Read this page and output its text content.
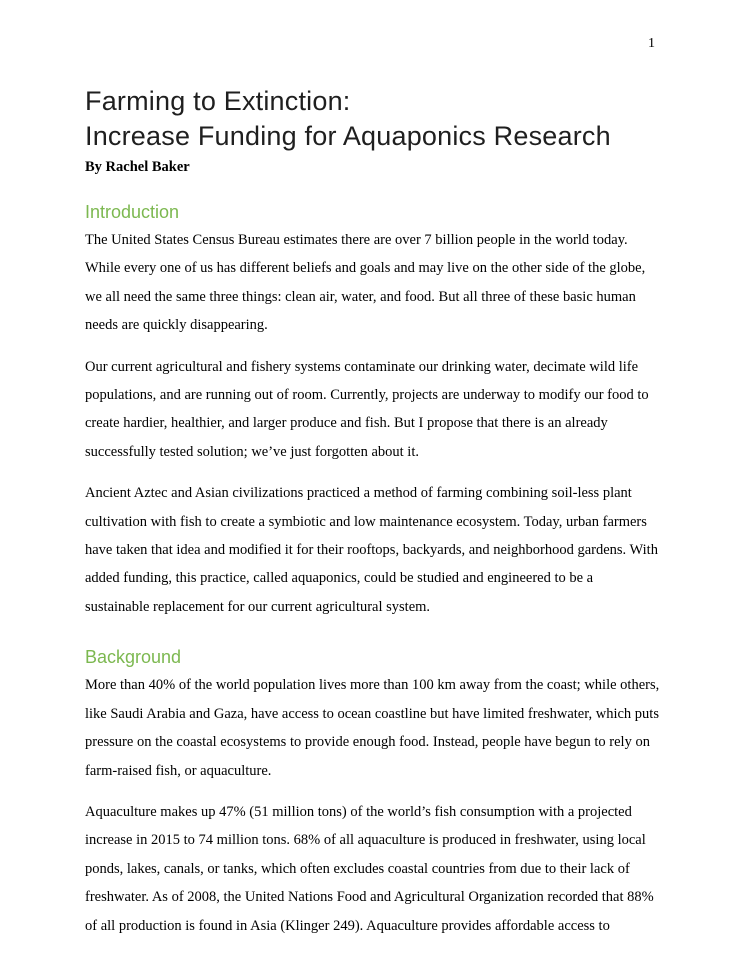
1
Farming to Extinction:
Increase Funding for Aquaponics Research
By Rachel Baker
Introduction

The United States Census Bureau estimates there are over 7 billion people in the world today. While every one of us has different beliefs and goals and may live on the other side of the globe, we all need the same three things: clean air, water, and food. But all three of these basic human needs are quickly disappearing.

Our current agricultural and fishery systems contaminate our drinking water, decimate wild life populations, and are running out of room. Currently, projects are underway to modify our food to create hardier, healthier, and larger produce and fish. But I propose that there is an already successfully tested solution; we’ve just forgotten about it.

Ancient Aztec and Asian civilizations practiced a method of farming combining soil-less plant cultivation with fish to create a symbiotic and low maintenance ecosystem. Today, urban farmers have taken that idea and modified it for their rooftops, backyards, and neighborhood gardens. With added funding, this practice, called aquaponics, could be studied and engineered to be a sustainable replacement for our current agricultural system.

Background

More than 40% of the world population lives more than 100 km away from the coast; while others, like Saudi Arabia and Gaza, have access to ocean coastline but have limited freshwater, which puts pressure on the coastal ecosystems to provide enough food. Instead, people have begun to rely on farm-raised fish, or aquaculture.

Aquaculture makes up 47% (51 million tons) of the world’s fish consumption with a projected increase in 2015 to 74 million tons. 68% of all aquaculture is produced in freshwater, using local ponds, lakes, canals, or tanks, which often excludes coastal countries from due to their lack of freshwater. As of 2008, the United Nations Food and Agricultural Organization recorded that 88% of all production is found in Asia (Klinger 249). Aquaculture provides affordable access to
